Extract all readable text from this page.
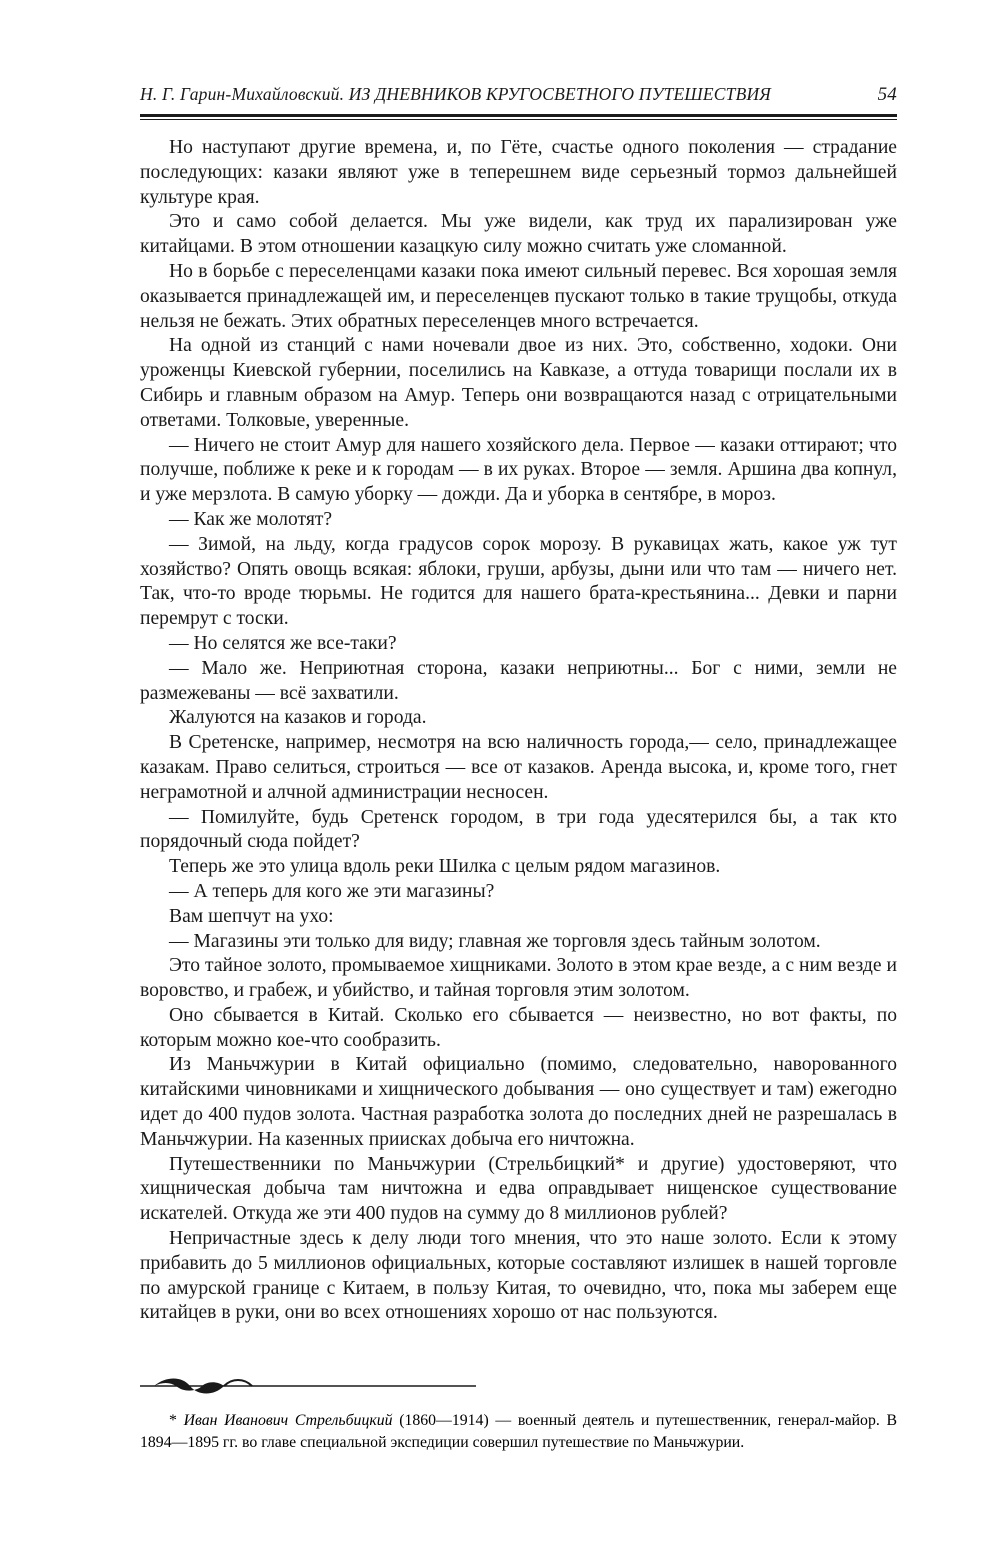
Н. Г. Гарин-Михайловский. ИЗ ДНЕВНИКОВ КРУГОСВЕТНОГО ПУТЕШЕСТВИЯ	54

Но наступают другие времена, и, по Гёте, счастье одного поколения — страдание последующих: казаки являют уже в теперешнем виде серьезный тормоз дальнейшей культуре края.

Это и само собой делается. Мы уже видели, как труд их парализирован уже китайцами. В этом отношении казацкую силу можно считать уже сломанной.

Но в борьбе с переселенцами казаки пока имеют сильный перевес. Вся хорошая земля оказывается принадлежащей им, и переселенцев пускают только в такие трущобы, откуда нельзя не бежать. Этих обратных переселенцев много встречается.

На одной из станций с нами ночевали двое из них. Это, собственно, ходоки. Они уроженцы Киевской губернии, поселились на Кавказе, а оттуда товарищи послали их в Сибирь и главным образом на Амур. Теперь они возвращаются назад с отрицательными ответами. Толковые, уверенные.

— Ничего не стоит Амур для нашего хозяйского дела. Первое — казаки оттирают; что получше, поближе к реке и к городам — в их руках. Второе — земля. Аршина два копнул, и уже мерзлота. В самую уборку — дожди. Да и уборка в сентябре, в мороз.

— Как же молотят?

— Зимой, на льду, когда градусов сорок морозу. В рукавицах жать, какое уж тут хозяйство? Опять овощь всякая: яблоки, груши, арбузы, дыни или что там — ничего нет. Так, что-то вроде тюрьмы. Не годится для нашего брата-крестьянина... Девки и парни перемрут с тоски.

— Но селятся же все-таки?

— Мало же. Неприютная сторона, казаки неприютны... Бог с ними, земли не размежеваны — всё захватили.

Жалуются на казаков и города.

В Сретенске, например, несмотря на всю наличность города,— село, принадлежащее казакам. Право селиться, строиться — все от казаков. Аренда высока, и, кроме того, гнет неграмотной и алчной администрации несносен.

— Помилуйте, будь Сретенск городом, в три года удесятерился бы, а так кто порядочный сюда пойдет?

Теперь же это улица вдоль реки Шилка с целым рядом магазинов.

— А теперь для кого же эти магазины?

Вам шепчут на ухо:

— Магазины эти только для виду; главная же торговля здесь тайным золотом.

Это тайное золото, промываемое хищниками. Золото в этом крае везде, а с ним везде и воровство, и грабеж, и убийство, и тайная торговля этим золотом.

Оно сбывается в Китай. Сколько его сбывается — неизвестно, но вот факты, по которым можно кое-что сообразить.

Из Маньчжурии в Китай официально (помимо, следовательно, наворованного китайскими чиновниками и хищнического добывания — оно существует и там) ежегодно идет до 400 пудов золота. Частная разработка золота до последних дней не разрешалась в Маньчжурии. На казенных приисках добыча его ничтожна.

Путешественники по Маньчжурии (Стрельбицкий* и другие) удостоверяют, что хищническая добыча там ничтожна и едва оправдывает нищенское существование искателей. Откуда же эти 400 пудов на сумму до 8 миллионов рублей?

Непричастные здесь к делу люди того мнения, что это наше золото. Если к этому прибавить до 5 миллионов официальных, которые составляют излишек в нашей торговле по амурской границе с Китаем, в пользу Китая, то очевидно, что, пока мы заберем еще китайцев в руки, они во всех отношениях хорошо от нас пользуются.

* Иван Иванович Стрельбицкий (1860—1914) — военный деятель и путешественник, генерал-майор. В 1894—1895 гг. во главе специальной экспедиции совершил путешествие по Маньчжурии.
